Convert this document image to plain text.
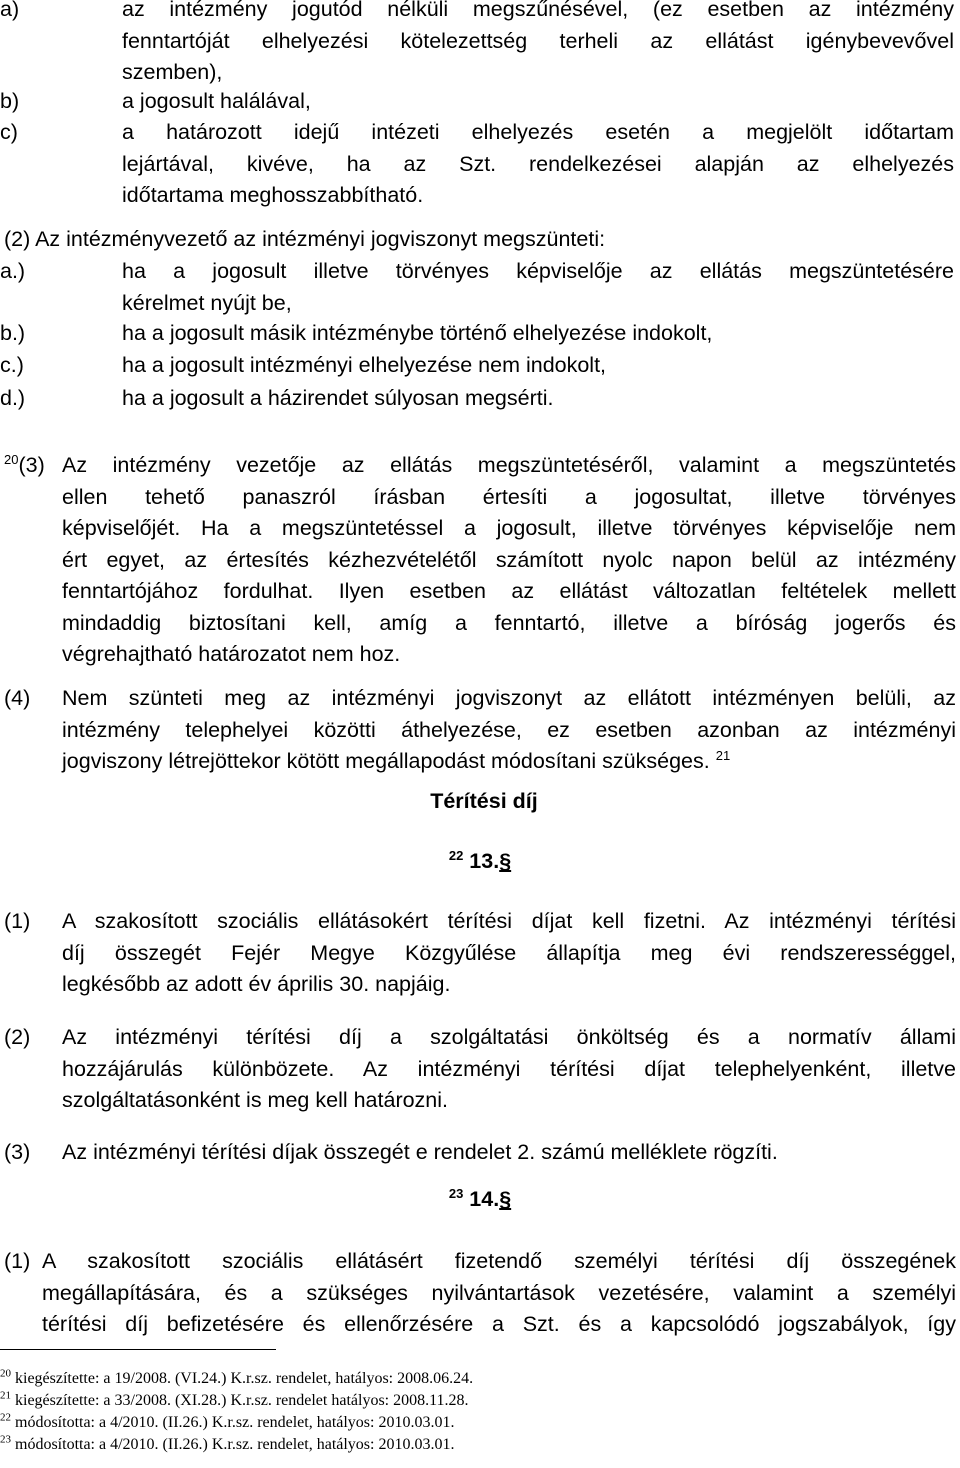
a)	az intézmény jogutód nélküli megszűnésével, (ez esetben az intézmény
fenntartóját elhelyezési kötelezettség terheli az ellátást igénybevevővel
szemben),
b)	a jogosult halálával,
c)	a határozott idejű intézeti elhelyezés esetén a megjelölt időtartam
lejártával, kivéve, ha az Szt. rendelkezései alapján az elhelyezés
időtartama meghosszabbítható.
(2) Az intézményvezető az intézményi jogviszonyt megszünteti:
a.)	ha a jogosult illetve törvényes képviselője az ellátás megszüntetésére
kérelmet nyújt be,
b.)	ha a jogosult másik intézménybe történő elhelyezése indokolt,
c.)	ha a jogosult intézményi elhelyezése nem indokolt,
d.)	ha a jogosult a házirendet súlyosan megsérti.
$^{20}$(3) Az intézmény vezetője az ellátás megszüntetéséről, valamint a megszüntetés
ellen tehető panaszról írásban értesíti a jogosultat, illetve törvényes
képviselőjét. Ha a megszüntetéssel a jogosult, illetve törvényes képviselője nem
ért egyet, az értesítés kézhezvételétől számított nyolc napon belül az intézmény
fenntartójához fordulhat. Ilyen esetben az ellátást változatlan feltételek mellett
mindaddig biztosítani kell, amíg a fenntartó, illetve a bíróság jogerős és
végrehajtható határozatot nem hoz.
(4) Nem szünteti meg az intézményi jogviszonyt az ellátott intézményen belüli, az
intézmény telephelyei közötti áthelyezése, ez esetben azonban az intézményi
jogviszony létrejöttekor kötött megállapodást módosítani szükséges. $^{21}$
Térítési díj
$^{22}$ 13.§
(1) A szakosított szociális ellátásokért térítési díjat kell fizetni. Az intézményi térítési
díj összegét Fejér Megye Közgyűlése állapítja meg évi rendszerességgel,
legkésőbb az adott év április 30. napjáig.
(2) Az intézményi térítési díj a szolgáltatási önköltség és a normatív állami
hozzájárulás különbözete. Az intézményi térítési díjat telephelyenként, illetve
szolgáltatásonként is meg kell határozni.
(3) Az intézményi térítési díjak összegét e rendelet 2. számú melléklete rögzíti.
$^{23}$ 14.§
(1) A szakosított szociális ellátásért fizetendő személyi térítési díj összegének
megállapítására, és a szükséges nyilvántartások vezetésére, valamint a személyi
térítési díj befizetésére és ellenőrzésére a Szt. és a kapcsolódó jogszabályok, így
$^{20}$ kiegészítette: a 19/2008. (VI.24.) K.r.sz. rendelet, hatályos: 2008.06.24.
$^{21}$ kiegészítette: a 33/2008. (XI.28.) K.r.sz. rendelet hatályos: 2008.11.28.
$^{22}$ módosította: a 4/2010. (II.26.) K.r.sz. rendelet, hatályos: 2010.03.01.
$^{23}$ módosította: a 4/2010. (II.26.) K.r.sz. rendelet, hatályos: 2010.03.01.
